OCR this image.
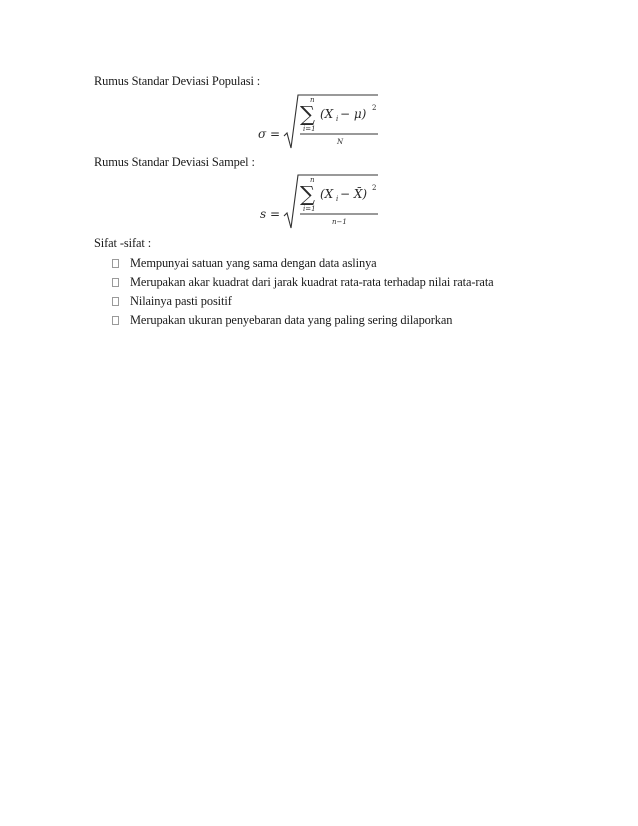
Rumus Standar Deviasi Populasi :
σ =
n
∑
i=1
(X i − μ) 2
N
Rumus Standar Deviasi Sampel :
s =
n
∑
i=1
(X i − X̄) 2
n−1
Sifat -sifat :
Mempunyai satuan yang sama dengan data aslinya
Merupakan akar kuadrat dari jarak kuadrat rata-rata terhadap nilai rata-rata
Nilainya pasti positif
Merupakan ukuran penyebaran data yang paling sering dilaporkan
